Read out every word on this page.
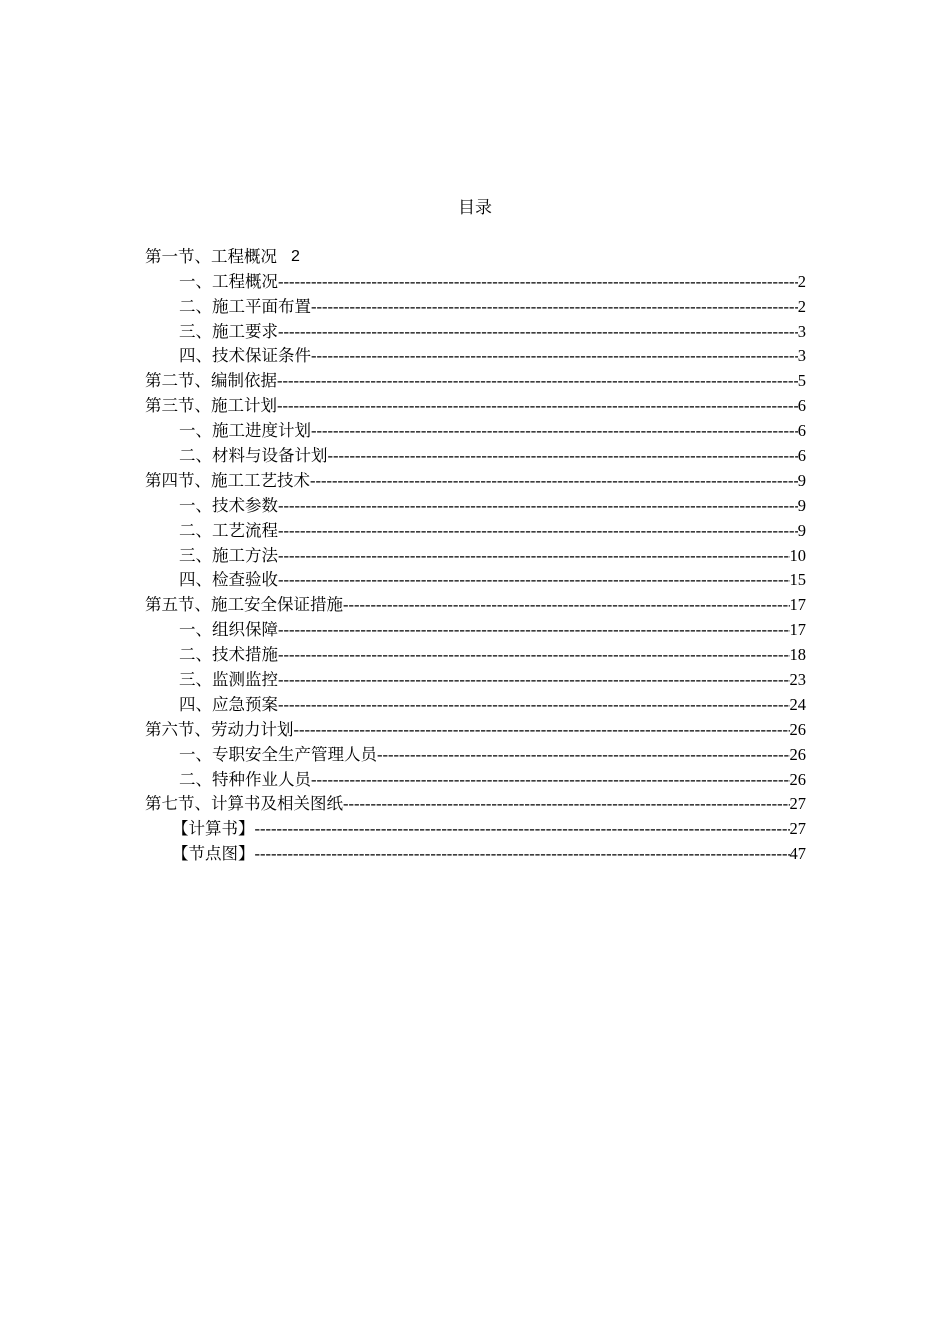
目录
第一节、工程概况 2
一、工程概况 -----	2
二、施工平面布置 -----	2
三、施工要求 -----	3
四、技术保证条件 -----	3
第二节、编制依据 -----	5
第三节、施工计划 -----	6
一、施工进度计划 -----	6
二、材料与设备计划 -----	6
第四节、施工工艺技术 -----	9
一、技术参数 -----	9
二、工艺流程 -----	9
三、施工方法 -----	10
四、检查验收 -----	15
第五节、施工安全保证措施 -----	17
一、组织保障 -----	17
二、技术措施 -----	18
三、监测监控 -----	23
四、应急预案 -----	24
第六节、劳动力计划 -----	26
一、专职安全生产管理人员 -----	26
二、特种作业人员 -----	26
第七节、计算书及相关图纸 -----	27
【计算书】 -----	27
【节点图】 -----	47
